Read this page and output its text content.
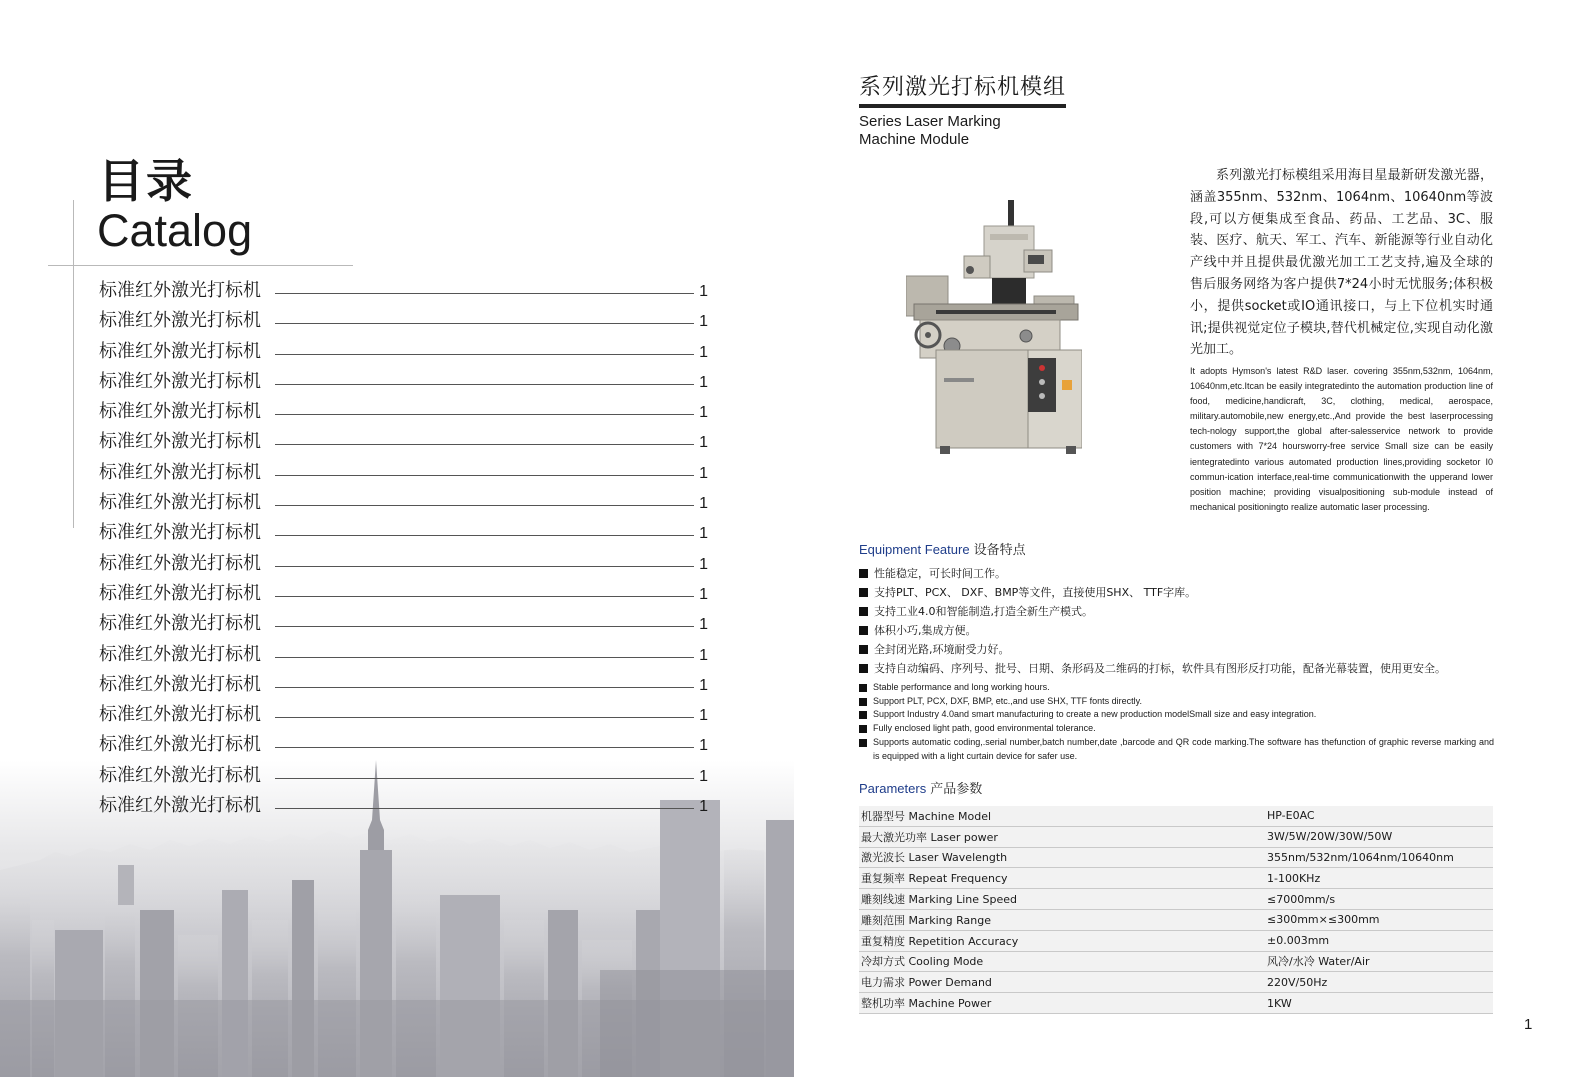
目录
Catalog
标准红外激光打标机	1
标准红外激光打标机	1
标准红外激光打标机	1
标准红外激光打标机	1
标准红外激光打标机	1
标准红外激光打标机	1
标准红外激光打标机	1
标准红外激光打标机	1
标准红外激光打标机	1
标准红外激光打标机	1
标准红外激光打标机	1
标准红外激光打标机	1
标准红外激光打标机	1
标准红外激光打标机	1
标准红外激光打标机	1
标准红外激光打标机	1
标准红外激光打标机	1
标准红外激光打标机	1
系列激光打标机模组
Series Laser Marking
Machine Module
系列激光打标模组采用海目星最新研发激光器，涵盖355nm、532nm、1064nm、10640nm等波段,可以方便集成至食品、药品、工艺品、3C、服装、医疗、航天、军工、汽车、新能源等行业自动化产线中并且提供最优激光加工工艺支持,遍及全球的售后服务网络为客户提供7*24小时无忧服务;体积极小，提供socket或IO通讯接口，与上下位机实时通讯;提供视觉定位子模块,替代机械定位,实现自动化激光加工。
It adopts Hymson's latest R&D laser. covering 355nm,532nm, 1064nm, 10640nm,etc.Itcan be easily integratedinto the automation production line of food, medicine,handicraft, 3C, clothing, medical, aerospace, military.automobile,new energy,etc.,And provide the best laserprocessing tech-nology support,the global after-salesservice network to provide customers with 7*24 hoursworry-free service Small size can be easily ientegratedinto various automated production lines,providing socketor I0 commun-ication interface,real-time communicationwith the upperand lower position machine; providing visualpositioning sub-module instead of mechanical positioningto realize automatic laser processing.
Equipment Feature 设备特点
性能稳定，可长时间工作。
支持PLT、PCX、 DXF、BMP等文件，直接使用SHX、 TTF字库。
支持工业4.0和智能制造,打造全新生产模式。
体积小巧,集成方便。
全封闭光路,环境耐受力好。
支持自动编码、序列号、批号、日期、条形码及二维码的打标，软件具有图形反打功能，配备光幕装置，使用更安全。
Stable performance and long working hours.
Support PLT, PCX, DXF, BMP, etc.,and use SHX, TTF fonts directly.
Support Industry 4.0and smart manufacturing to create a new production modelSmall size and easy integration.
Fully enclosed light path, good environmental tolerance.
Supports automatic coding,.serial number,batch number,date ,barcode and QR code marking.The software has thefunction of graphic reverse marking and is equipped with a light curtain device for safer use.
Parameters 产品参数
机器型号 Machine Model	HP-E0AC
最大激光功率 Laser power	3W/5W/20W/30W/50W
激光波长 Laser Wavelength	355nm/532nm/1064nm/10640nm
重复频率 Repeat Frequency	1-100KHz
雕刻线速 Marking Line Speed	≤7000mm/s
雕刻范围 Marking Range	≤300mm×≤300mm
重复精度 Repetition Accuracy	±0.003mm
冷却方式 Cooling Mode	风冷/水冷 Water/Air
电力需求 Power Demand	220V/50Hz
整机功率 Machine Power	1KW
1
